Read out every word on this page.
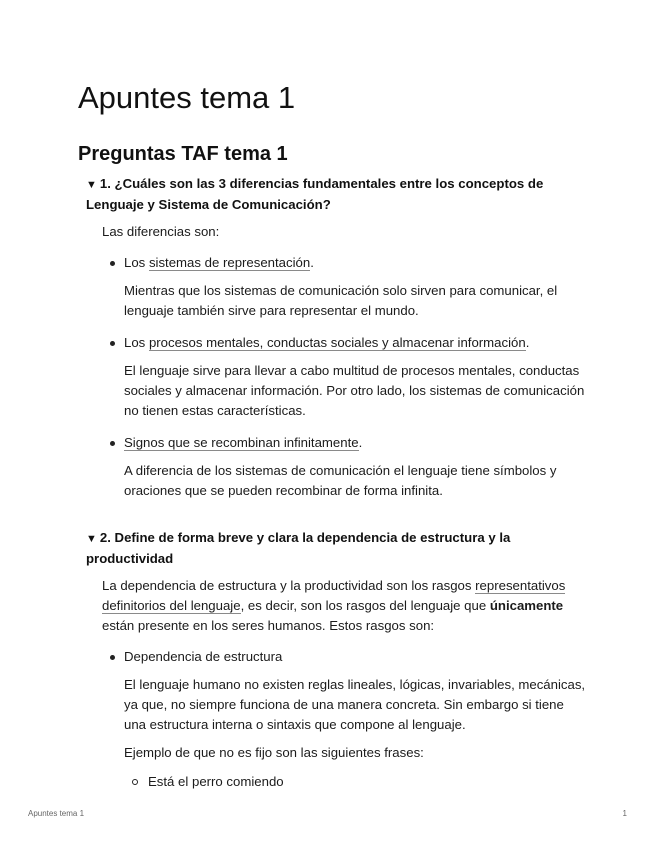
Apuntes tema 1
Preguntas TAF tema 1
▼ 1. ¿Cuáles son las 3 diferencias fundamentales entre los conceptos de Lenguaje y Sistema de Comunicación?

Las diferencias son:

Los sistemas de representación.

Mientras que los sistemas de comunicación solo sirven para comunicar, el lenguaje también sirve para representar el mundo.

Los procesos mentales, conductas sociales y almacenar información.

El lenguaje sirve para llevar a cabo multitud de procesos mentales, conductas sociales y almacenar información. Por otro lado, los sistemas de comunicación no tienen estas características.

Signos que se recombinan infinitamente.

A diferencia de los sistemas de comunicación el lenguaje tiene símbolos y oraciones que se pueden recombinar de forma infinita.

▼ 2. Define de forma breve y clara la dependencia de estructura y la productividad

La dependencia de estructura y la productividad son los rasgos representativos definitorios del lenguaje, es decir, son los rasgos del lenguaje que únicamente están presente en los seres humanos. Estos rasgos son:

Dependencia de estructura

El lenguaje humano no existen reglas lineales, lógicas, invariables, mecánicas, ya que, no siempre funciona de una manera concreta. Sin embargo si tiene una estructura interna o sintaxis que compone al lenguaje.

Ejemplo de que no es fijo son las siguientes frases:

Está el perro comiendo
Apuntes tema 1	1
